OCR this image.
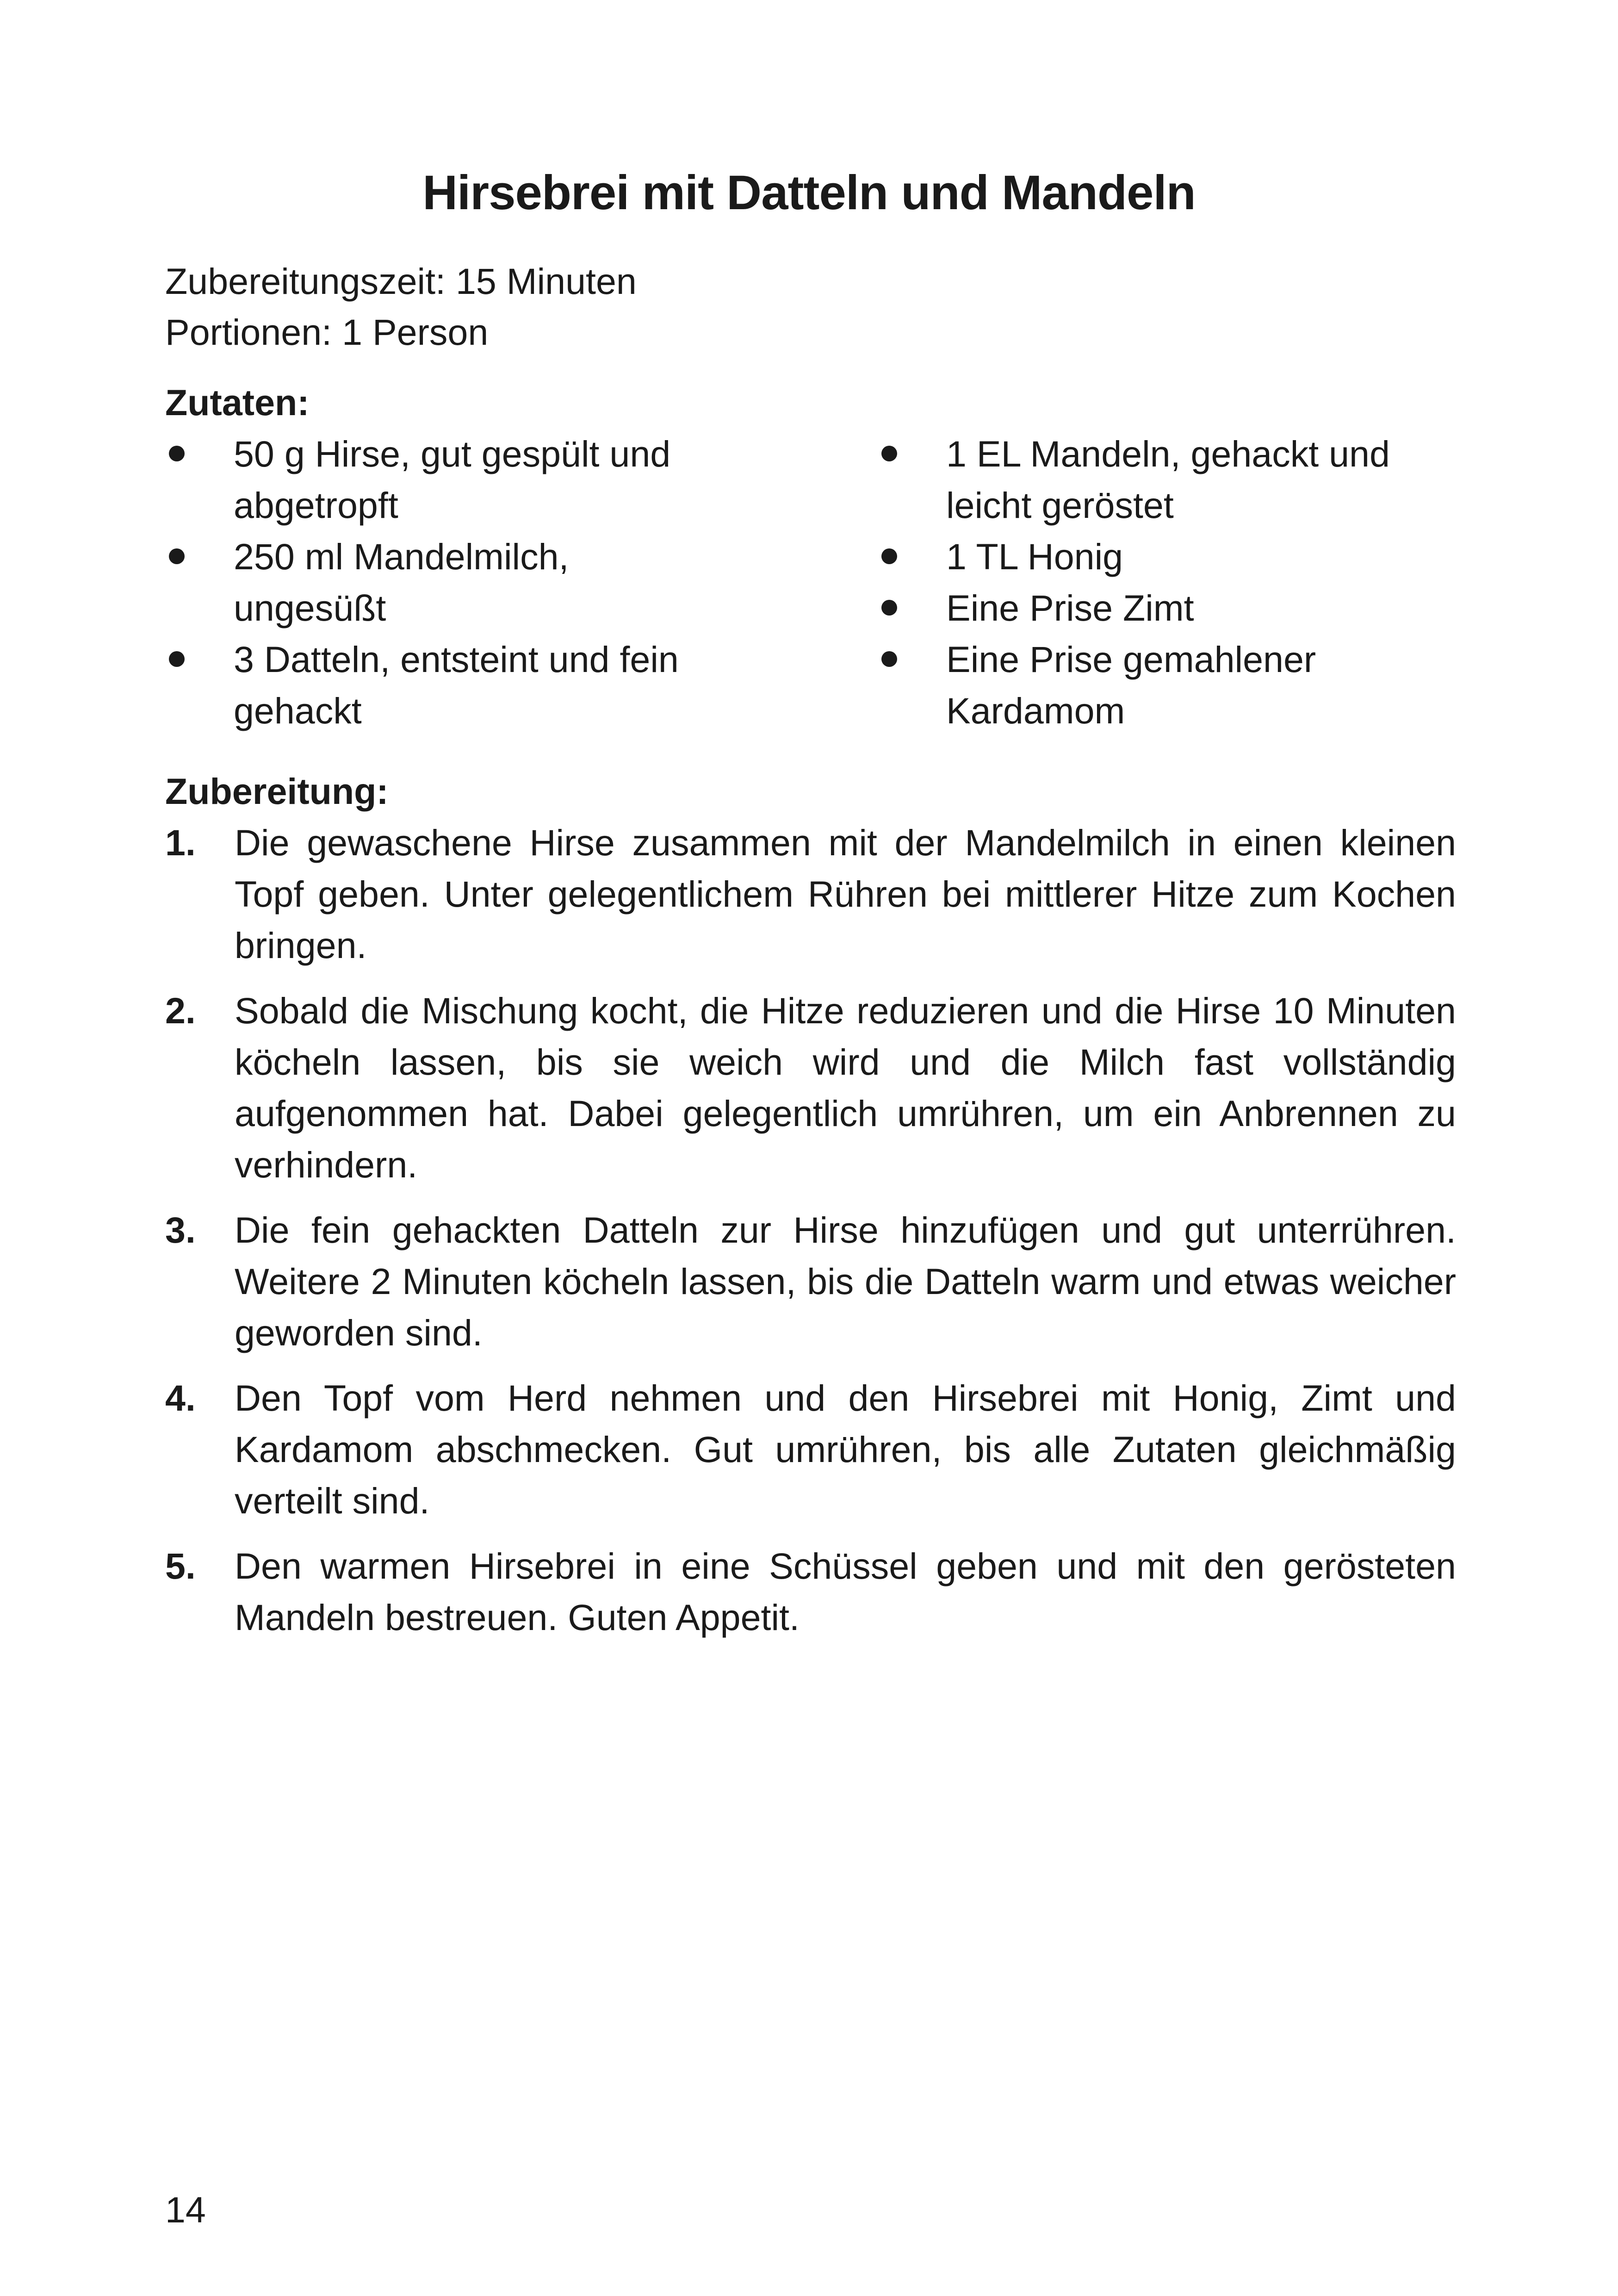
Hirsebrei mit Datteln und Mandeln
Zubereitungszeit: 15 Minuten
Portionen: 1 Person
Zutaten:
50 g Hirse, gut gespült und abgetropft
250 ml Mandelmilch, ungesüßt
3 Datteln, entsteint und fein gehackt
1 EL Mandeln, gehackt und leicht geröstet
1 TL Honig
Eine Prise Zimt
Eine Prise gemahlener Kardamom
Zubereitung:
1. Die gewaschene Hirse zusammen mit der Mandelmilch in einen kleinen Topf geben. Unter gelegentlichem Rühren bei mittlerer Hitze zum Kochen bringen.
2. Sobald die Mischung kocht, die Hitze reduzieren und die Hirse 10 Minuten köcheln lassen, bis sie weich wird und die Milch fast vollständig aufgenommen hat. Dabei gelegentlich umrühren, um ein Anbrennen zu verhindern.
3. Die fein gehackten Datteln zur Hirse hinzufügen und gut unterrühren. Weitere 2 Minuten köcheln lassen, bis die Datteln warm und etwas weicher geworden sind.
4. Den Topf vom Herd nehmen und den Hirsebrei mit Honig, Zimt und Kardamom abschmecken. Gut umrühren, bis alle Zutaten gleichmäßig verteilt sind.
5. Den warmen Hirsebrei in eine Schüssel geben und mit den gerösteten Mandeln bestreuen. Guten Appetit.
14
